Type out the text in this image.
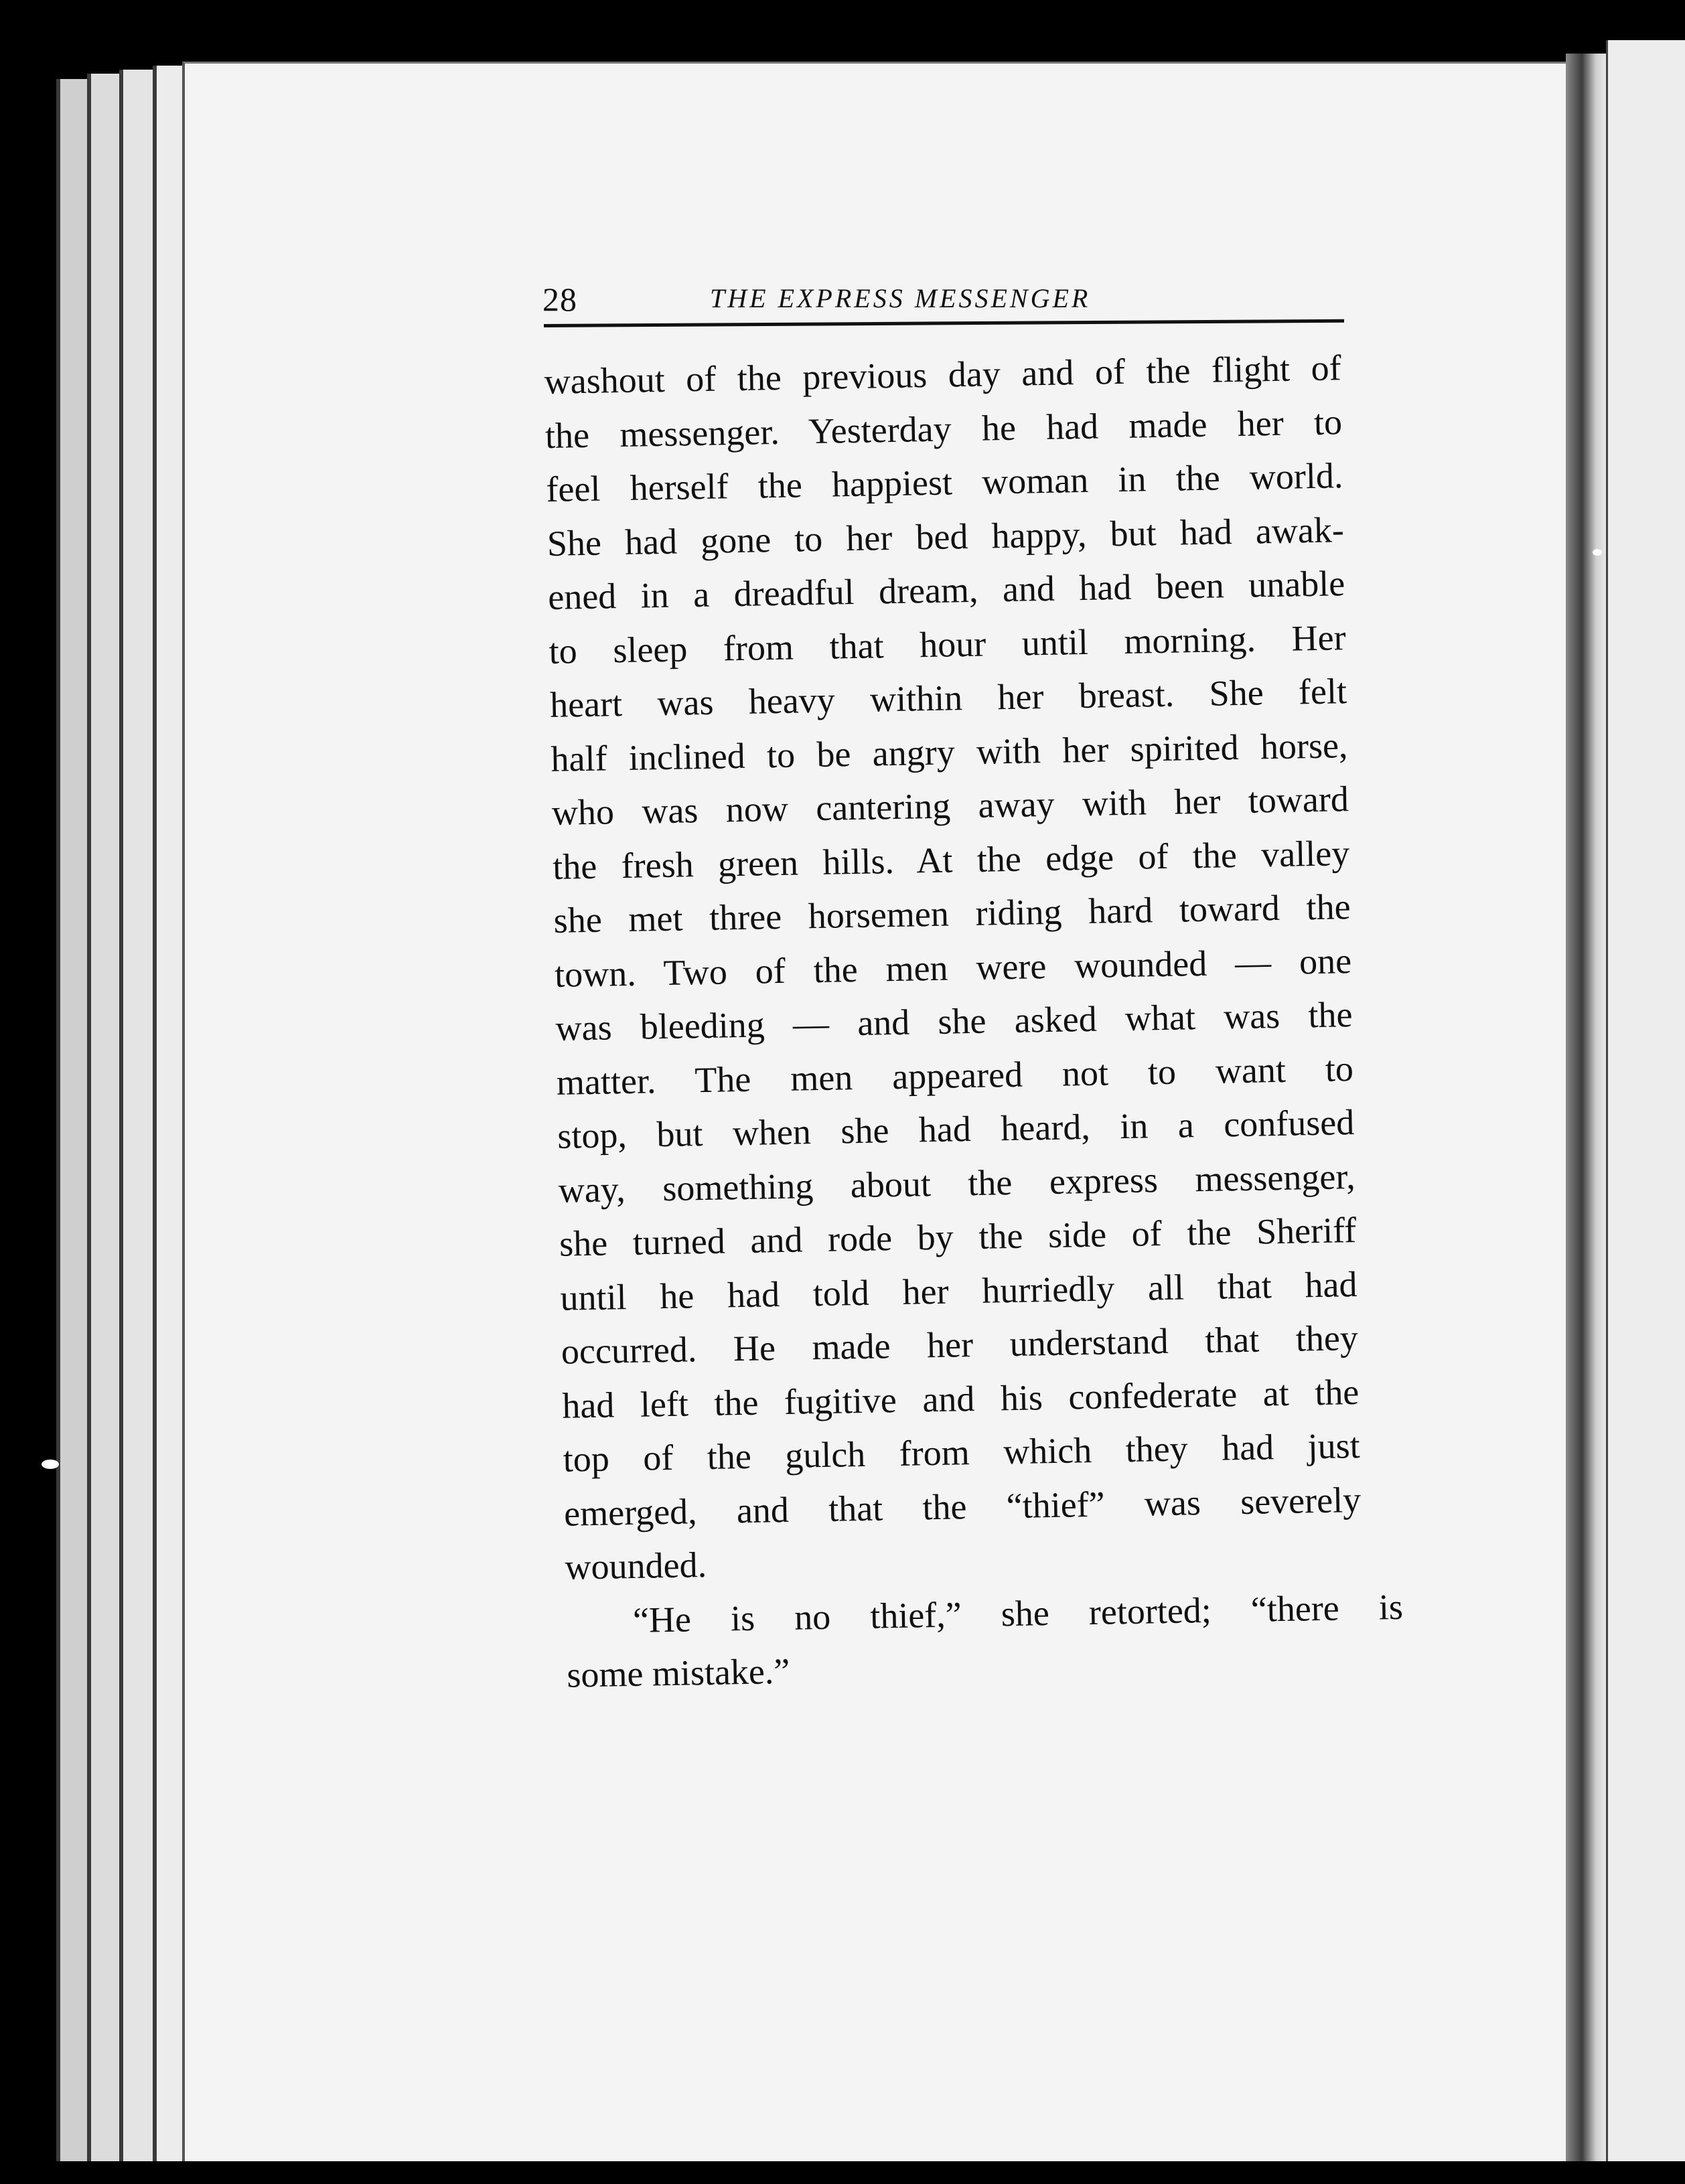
28	THE EXPRESS MESSENGER
washout of the previous day and of the flight of
the messenger. Yesterday he had made her to
feel herself the happiest woman in the world.
She had gone to her bed happy, but had awak-
ened in a dreadful dream, and had been unable
to sleep from that hour until morning. Her
heart was heavy within her breast. She felt
half inclined to be angry with her spirited horse,
who was now cantering away with her toward
the fresh green hills. At the edge of the valley
she met three horsemen riding hard toward the
town. Two of the men were wounded — one
was bleeding — and she asked what was the
matter. The men appeared not to want to
stop, but when she had heard, in a confused
way, something about the express messenger,
she turned and rode by the side of the Sheriff
until he had told her hurriedly all that had
occurred. He made her understand that they
had left the fugitive and his confederate at the
top of the gulch from which they had just
emerged, and that the “thief” was severely
wounded.
“He is no thief,” she retorted; “there is
some mistake.”
